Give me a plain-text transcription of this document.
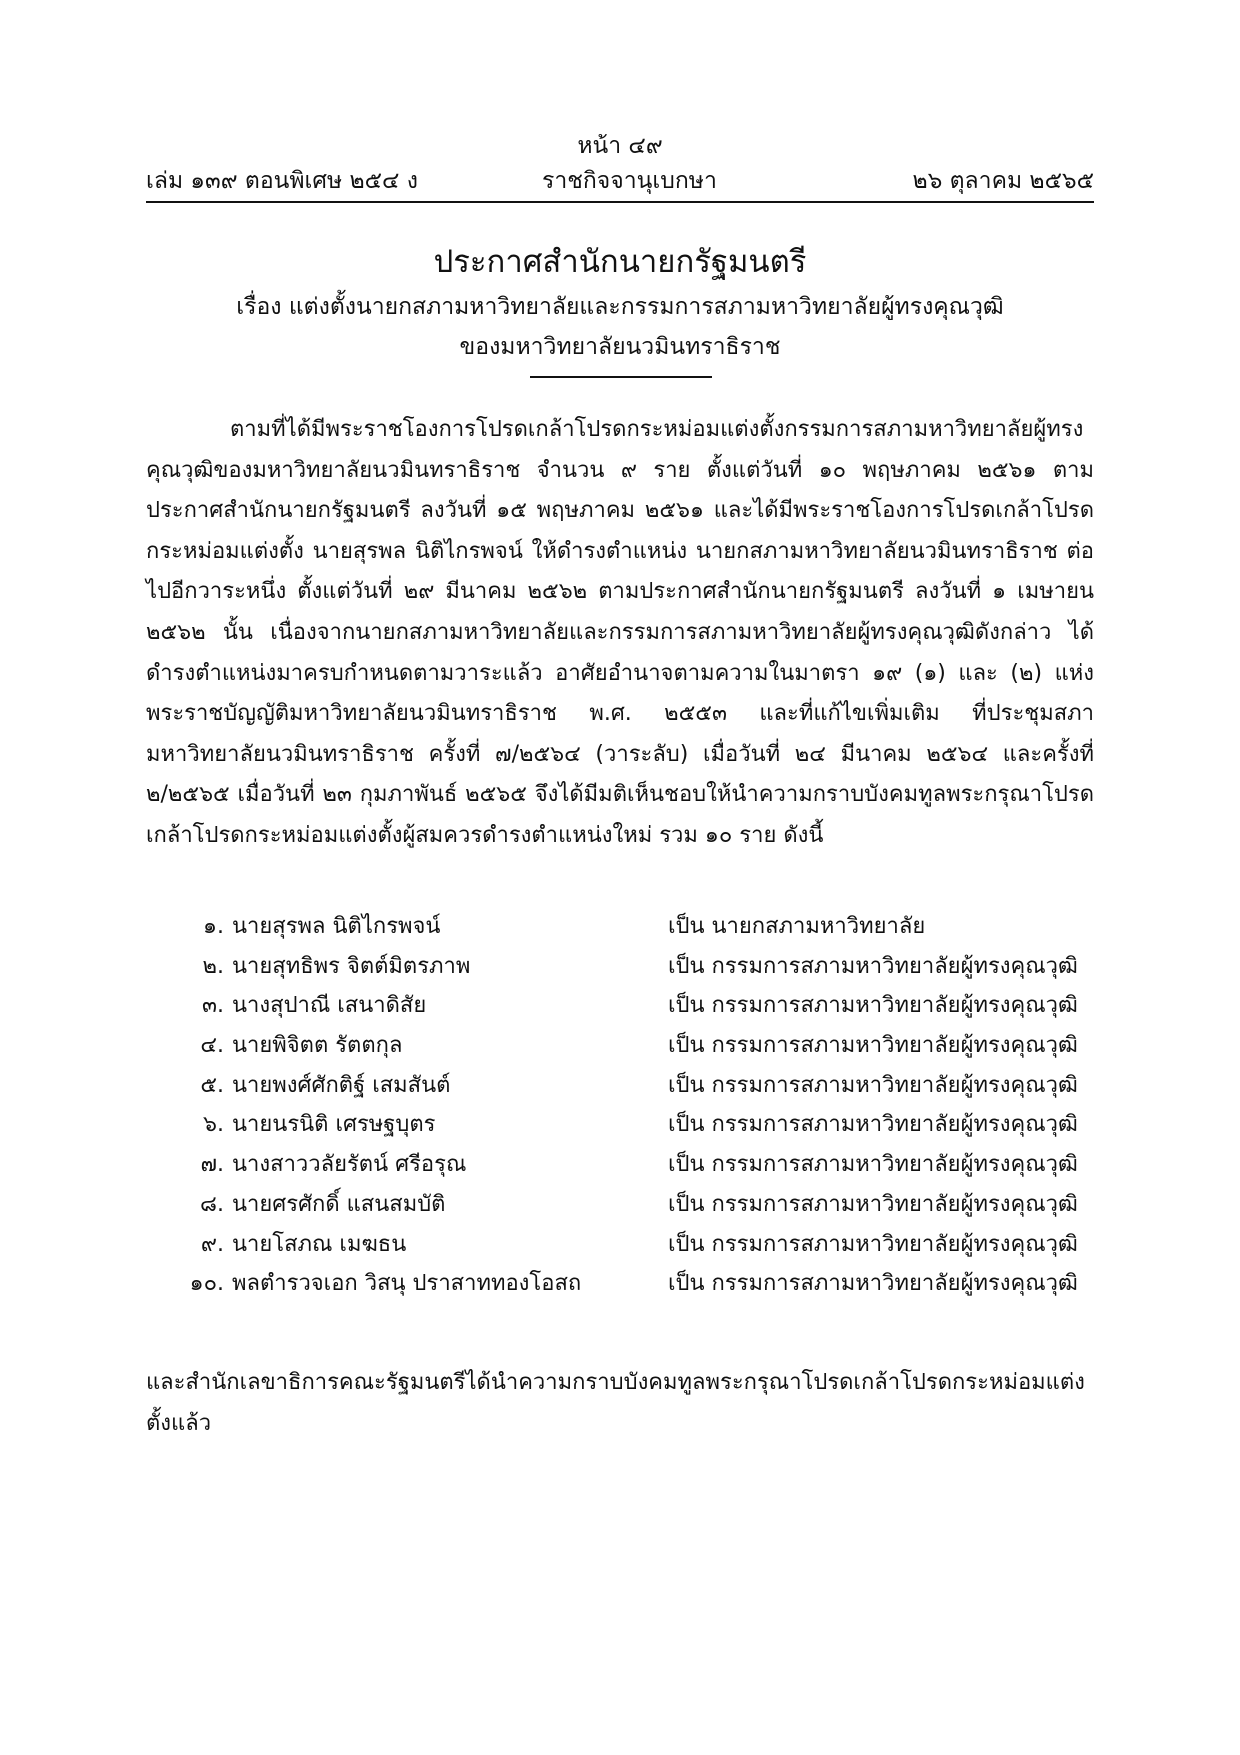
หน้า ๔๙
เล่ม ๑๓๙ ตอนพิเศษ ๒๕๔ ง	ราชกิจจานุเบกษา	๒๖ ตุลาคม ๒๕๖๕
ประกาศสำนักนายกรัฐมนตรี
เรื่อง แต่งตั้งนายกสภามหาวิทยาลัยและกรรมการสภามหาวิทยาลัยผู้ทรงคุณวุฒิ
ของมหาวิทยาลัยนวมินทราธิราช
ตามที่ได้มีพระราชโองการโปรดเกล้าโปรดกระหม่อมแต่งตั้งกรรมการสภามหาวิทยาลัยผู้ทรงคุณวุฒิของมหาวิทยาลัยนวมินทราธิราช จำนวน ๙ ราย ตั้งแต่วันที่ ๑๐ พฤษภาคม ๒๕๖๑ ตามประกาศสำนักนายกรัฐมนตรี ลงวันที่ ๑๕ พฤษภาคม ๒๕๖๑ และได้มีพระราชโองการโปรดเกล้าโปรดกระหม่อมแต่งตั้ง นายสุรพล นิติไกรพจน์ ให้ดำรงตำแหน่ง นายกสภามหาวิทยาลัยนวมินทราธิราช ต่อไปอีกวาระหนึ่ง ตั้งแต่วันที่ ๒๙ มีนาคม ๒๕๖๒ ตามประกาศสำนักนายกรัฐมนตรี ลงวันที่ ๑ เมษายน ๒๕๖๒ นั้น เนื่องจากนายกสภามหาวิทยาลัยและกรรมการสภามหาวิทยาลัยผู้ทรงคุณวุฒิดังกล่าว ได้ดำรงตำแหน่งมาครบกำหนดตามวาระแล้ว อาศัยอำนาจตามความในมาตรา ๑๙ (๑) และ (๒) แห่งพระราชบัญญัติมหาวิทยาลัยนวมินทราธิราช พ.ศ. ๒๕๕๓ และที่แก้ไขเพิ่มเติม ที่ประชุมสภามหาวิทยาลัยนวมินทราธิราช ครั้งที่ ๗/๒๕๖๔ (วาระลับ) เมื่อวันที่ ๒๔ มีนาคม ๒๕๖๔ และครั้งที่ ๒/๒๕๖๕ เมื่อวันที่ ๒๓ กุมภาพันธ์ ๒๕๖๕ จึงได้มีมติเห็นชอบให้นำความกราบบังคมทูลพระกรุณาโปรดเกล้าโปรดกระหม่อมแต่งตั้งผู้สมควรดำรงตำแหน่งใหม่ รวม ๑๐ ราย ดังนี้
๑. นายสุรพล นิติไกรพจน์	เป็น นายกสภามหาวิทยาลัย
๒. นายสุทธิพร จิตต์มิตรภาพ	เป็น กรรมการสภามหาวิทยาลัยผู้ทรงคุณวุฒิ
๓. นางสุปาณี เสนาดิสัย	เป็น กรรมการสภามหาวิทยาลัยผู้ทรงคุณวุฒิ
๔. นายพิจิตต รัตตกุล	เป็น กรรมการสภามหาวิทยาลัยผู้ทรงคุณวุฒิ
๕. นายพงศ์ศักติฐ์ เสมสันต์	เป็น กรรมการสภามหาวิทยาลัยผู้ทรงคุณวุฒิ
๖. นายนรนิติ เศรษฐบุตร	เป็น กรรมการสภามหาวิทยาลัยผู้ทรงคุณวุฒิ
๗. นางสาววลัยรัตน์ ศรีอรุณ	เป็น กรรมการสภามหาวิทยาลัยผู้ทรงคุณวุฒิ
๘. นายศรศักดิ์ แสนสมบัติ	เป็น กรรมการสภามหาวิทยาลัยผู้ทรงคุณวุฒิ
๙. นายโสภณ เมฆธน	เป็น กรรมการสภามหาวิทยาลัยผู้ทรงคุณวุฒิ
๑๐. พลตำรวจเอก วิสนุ ปราสาททองโอสถ	เป็น กรรมการสภามหาวิทยาลัยผู้ทรงคุณวุฒิ
และสำนักเลขาธิการคณะรัฐมนตรีได้นำความกราบบังคมทูลพระกรุณาโปรดเกล้าโปรดกระหม่อมแต่งตั้งแล้ว
